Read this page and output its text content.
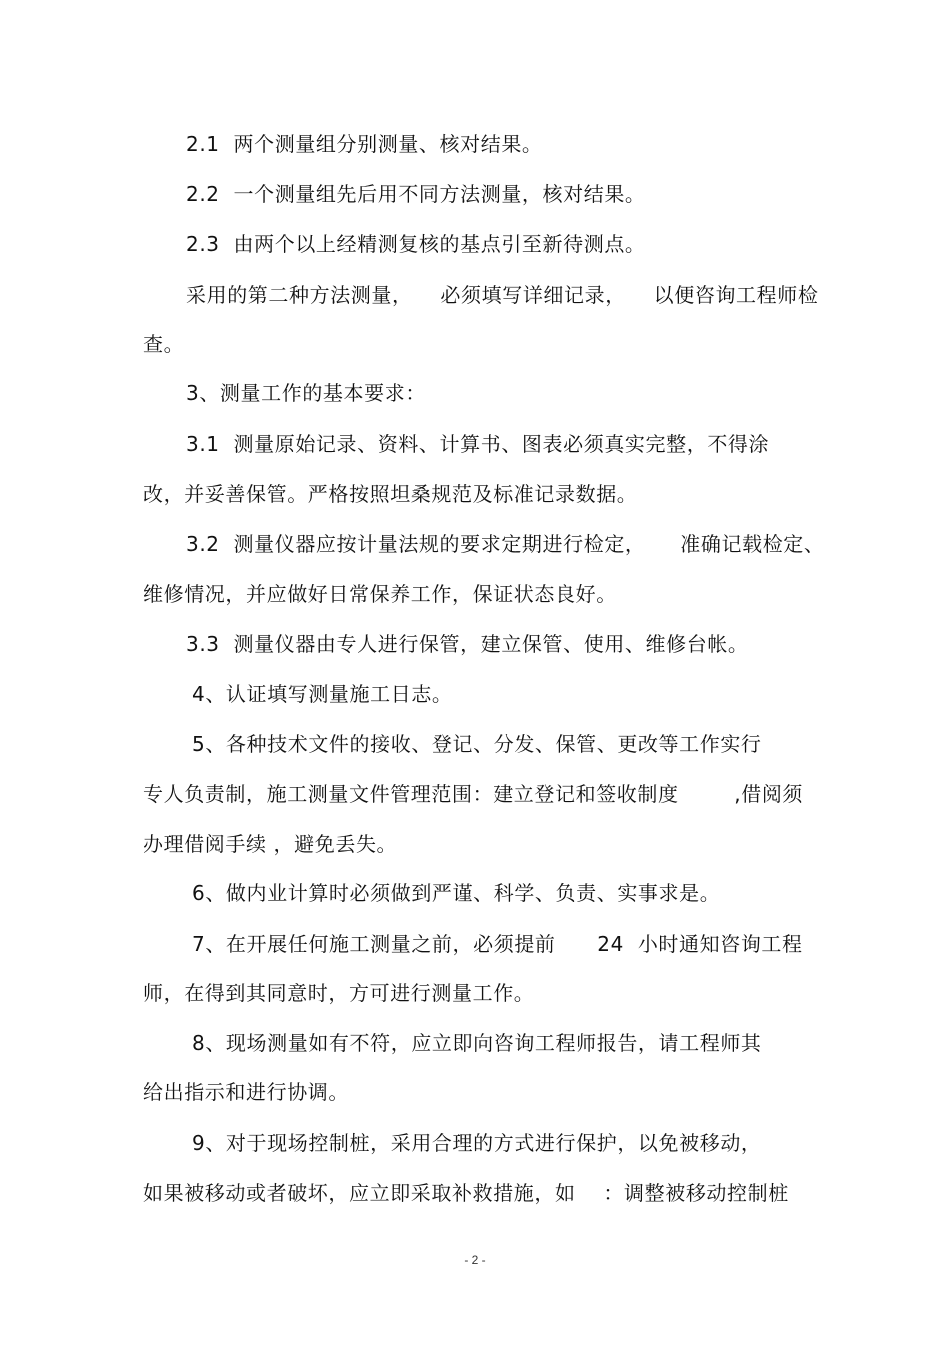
2.1  两个测量组分别测量、核对结果。
2.2  一个测量组先后用不同方法测量，核对结果。
2.3  由两个以上经精测复核的基点引至新待测点。
采用的第二种方法测量，    必须填写详细记录，    以便咨询工程师检
查。
3、测量工作的基本要求：
3.1  测量原始记录、资料、计算书、图表必须真实完整，不得涂
改，并妥善保管。严格按照坦桑规范及标准记录数据。
3.2  测量仪器应按计量法规的要求定期进行检定，     准确记载检定、
维修情况，并应做好日常保养工作，保证状态良好。
3.3  测量仪器由专人进行保管，建立保管、使用、维修台帐。
4、认证填写测量施工日志。
5、各种技术文件的接收、登记、分发、保管、更改等工作实行
专人负责制，施工测量文件管理范围：建立登记和签收制度        ,借阅须
办理借阅手续 ，避免丢失。
6、做内业计算时必须做到严谨、科学、负责、实事求是。
7、在开展任何施工测量之前，必须提前      24  小时通知咨询工程
师，在得到其同意时，方可进行测量工作。
8、现场测量如有不符，应立即向咨询工程师报告，请工程师其
给出指示和进行协调。
9、对于现场控制桩，采用合理的方式进行保护，以免被移动，
如果被移动或者破坏，应立即采取补救措施，如    ：调整被移动控制桩
- 2 -
